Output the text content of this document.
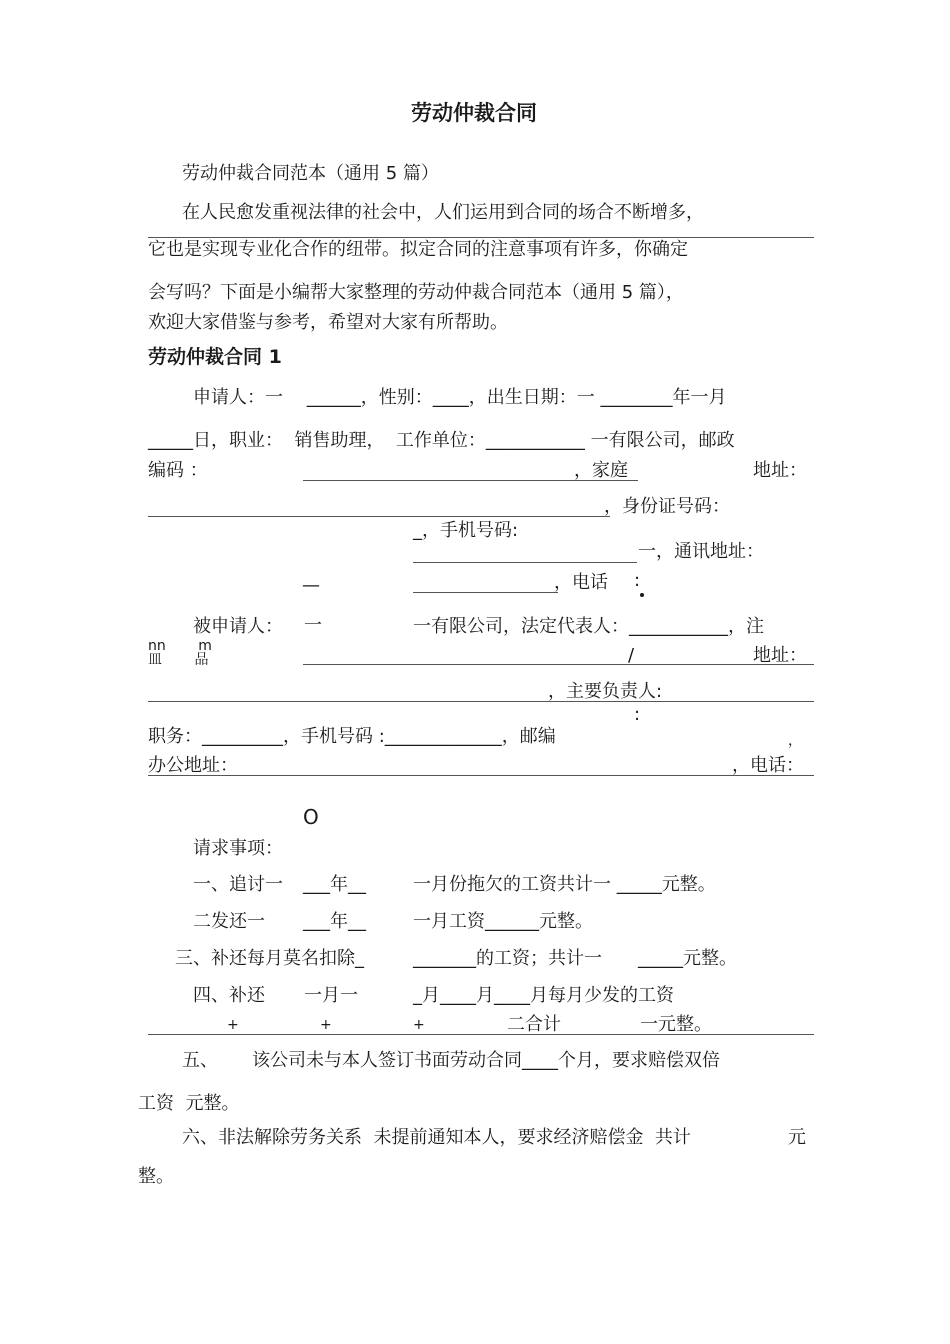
劳动仲裁合同
劳动仲裁合同范本（通用 5 篇）
在人民愈发重视法律的社会中，人们运用到合同的场合不断增多，
它也是实现专业化合作的纽带。拟定合同的注意事项有许多，你确定
会写吗？下面是小编帮大家整理的劳动仲裁合同范本（通用 5 篇），
欢迎大家借鉴与参考，希望对大家有所帮助。
劳动仲裁合同 1
申请人：一　 ______，性别：____，出生日期：一 ________年一月
_____日，职业：  销售助理，  工作单位：___________ 一有限公司，邮政
编码 ：	，家庭	地址：
，身份证号码：
_，手机号码:
一，通讯地址：
—	，电话 :
被申请人： 一	一有限公司，法定代表人：___________，注
nn　　 m
皿　　 品	/	地址：
，主要负责人:
:
职务：_________，手机号码 :_____________，邮编	，
办公地址：	，电话：
O
请求事项：
一、追讨一 ___年__	一月份拖欠的工资共计一 _____元整。
二发还一 ___年__	一月工资______元整。
三、补还每月莫名扣除_	_______的工资；共计一 _____元整。
四、补还 一月一	_月____月____月每月少发的工资
+	+	+	二合计	一元整。
五、 该公司未与本人签订书面劳动合同____个月，要求赔偿双倍
工资  元整。
六、非法解除劳务关系  未提前通知本人，要求经济赔偿金  共计	元
整。
